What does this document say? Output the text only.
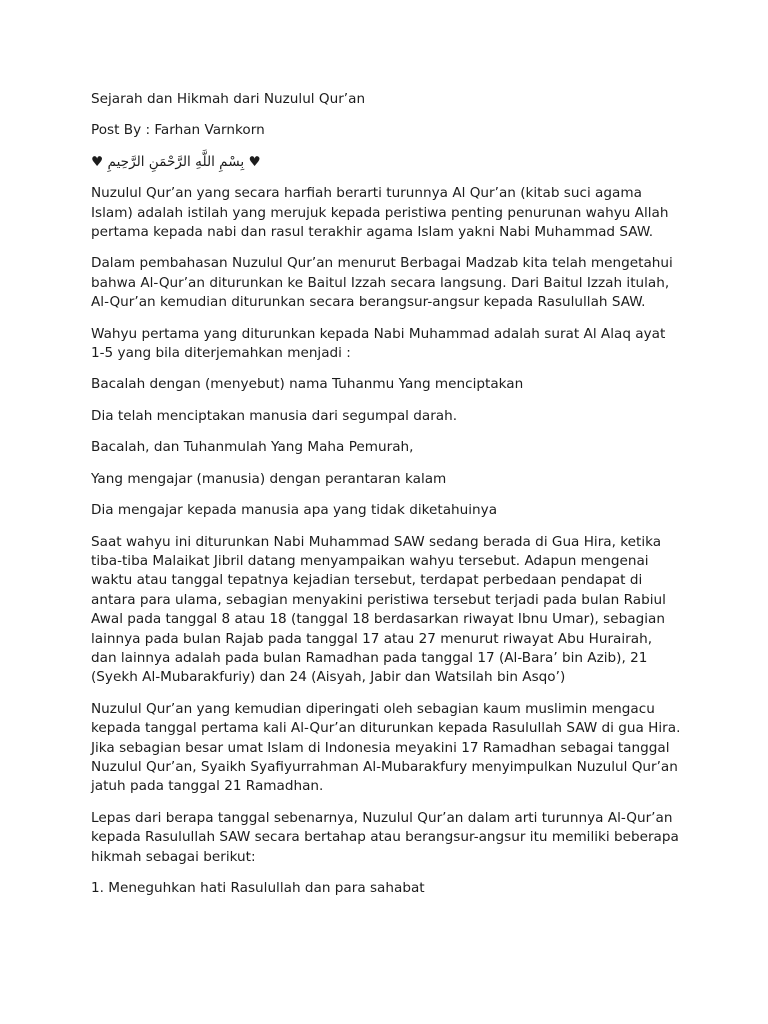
Sejarah dan Hikmah dari Nuzulul Qur’an

Post By : Farhan Varnkorn

♥ بِسْمِ اللَّهِ الرَّحْمَنِ الرَّحِيمِ ♥

Nuzulul Qur’an yang secara harfiah berarti turunnya Al Qur’an (kitab suci agama Islam) adalah istilah yang merujuk kepada peristiwa penting penurunan wahyu Allah pertama kepada nabi dan rasul terakhir agama Islam yakni Nabi Muhammad SAW.

Dalam pembahasan Nuzulul Qur’an menurut Berbagai Madzab kita telah mengetahui bahwa Al-Qur’an diturunkan ke Baitul Izzah secara langsung. Dari Baitul Izzah itulah, Al-Qur’an kemudian diturunkan secara berangsur-angsur kepada Rasulullah SAW.

Wahyu pertama yang diturunkan kepada Nabi Muhammad adalah surat Al Alaq ayat 1-5 yang bila diterjemahkan menjadi :

Bacalah dengan (menyebut) nama Tuhanmu Yang menciptakan

Dia telah menciptakan manusia dari segumpal darah.

Bacalah, dan Tuhanmulah Yang Maha Pemurah,

Yang mengajar (manusia) dengan perantaran kalam

Dia mengajar kepada manusia apa yang tidak diketahuinya

Saat wahyu ini diturunkan Nabi Muhammad SAW sedang berada di Gua Hira, ketika tiba-tiba Malaikat Jibril datang menyampaikan wahyu tersebut. Adapun mengenai waktu atau tanggal tepatnya kejadian tersebut, terdapat perbedaan pendapat di antara para ulama, sebagian menyakini peristiwa tersebut terjadi pada bulan Rabiul Awal pada tanggal 8 atau 18 (tanggal 18 berdasarkan riwayat Ibnu Umar), sebagian lainnya pada bulan Rajab pada tanggal 17 atau 27 menurut riwayat Abu Hurairah, dan lainnya adalah pada bulan Ramadhan pada tanggal 17 (Al-Bara’ bin Azib), 21 (Syekh Al-Mubarakfuriy) dan 24 (Aisyah, Jabir dan Watsilah bin Asqo’)

Nuzulul Qur’an yang kemudian diperingati oleh sebagian kaum muslimin mengacu kepada tanggal pertama kali Al-Qur’an diturunkan kepada Rasulullah SAW di gua Hira. Jika sebagian besar umat Islam di Indonesia meyakini 17 Ramadhan sebagai tanggal Nuzulul Qur’an, Syaikh Syafiyurrahman Al-Mubarakfury menyimpulkan Nuzulul Qur’an jatuh pada tanggal 21 Ramadhan.

Lepas dari berapa tanggal sebenarnya, Nuzulul Qur’an dalam arti turunnya Al-Qur’an kepada Rasulullah SAW secara bertahap atau berangsur-angsur itu memiliki beberapa hikmah sebagai berikut:

1. Meneguhkan hati Rasulullah dan para sahabat
